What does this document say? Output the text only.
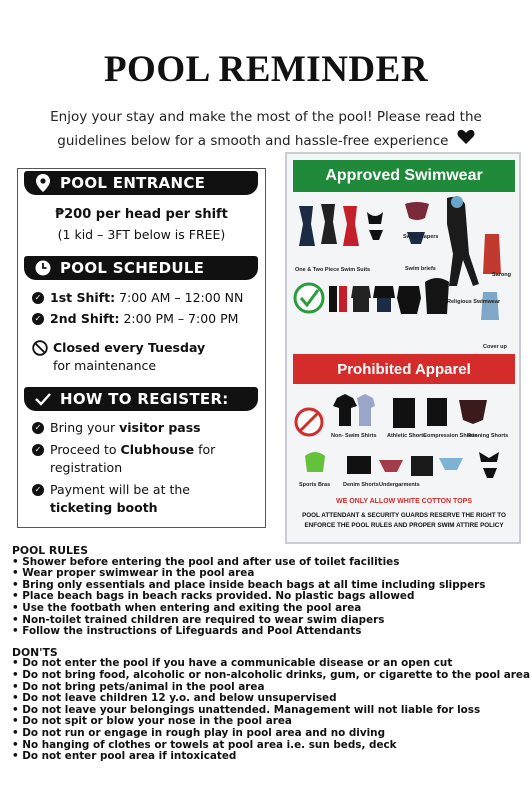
POOL REMINDER
Enjoy your stay and make the most of the pool! Please read the guidelines below for a smooth and hassle-free experience
POOL ENTRANCE
₱200 per head per shift
(1 kid – 3FT below is FREE)
POOL SCHEDULE
✓ 1st Shift: 7:00 AM – 12:00 NN
✓ 2nd Shift: 2:00 PM – 7:00 PM
Closed every Tuesday
for maintenance
HOW TO REGISTER:
✓ Bring your visitor pass
✓ Proceed to Clubhouse for
registration
✓ Payment will be at the
ticketing booth
Approved Swimwear
One & Two Piece Swim Suits
Swim diapers
Swim briefs
Sarong
Religious Swimwear
Cover up
Prohibited Apparel
Non- Swim Shirts Athletic Shorts
Compression Shorts
Running Shorts
Sports Bras Denim Shorts Undergarments
WE ONLY ALLOW WHITE COTTON TOPS
POOL ATTENDANT & SECURITY GUARDS RESERVE THE RIGHT TO
ENFORCE THE POOL RULES AND PROPER SWIM ATTIRE POLICY
POOL RULES
• Shower before entering the pool and after use of toilet facilities
• Wear proper swimwear in the pool area
• Bring only essentials and place inside beach bags at all time including slippers
• Place beach bags in beach racks provided. No plastic bags allowed
• Use the footbath when entering and exiting the pool area
• Non-toilet trained children are required to wear swim diapers
• Follow the instructions of Lifeguards and Pool Attendants
DON'TS
• Do not enter the pool if you have a communicable disease or an open cut
• Do not bring food, alcoholic or non-alcoholic drinks, gum, or cigarette to the pool area
• Do not bring pets/animal in the pool area
• Do not leave children 12 y.o. and below unsupervised
• Do not leave your belongings unattended. Management will not liable for loss
• Do not spit or blow your nose in the pool area
• Do not run or engage in rough play in pool area and no diving
• No hanging of clothes or towels at pool area i.e. sun beds, deck
• Do not enter pool area if intoxicated
